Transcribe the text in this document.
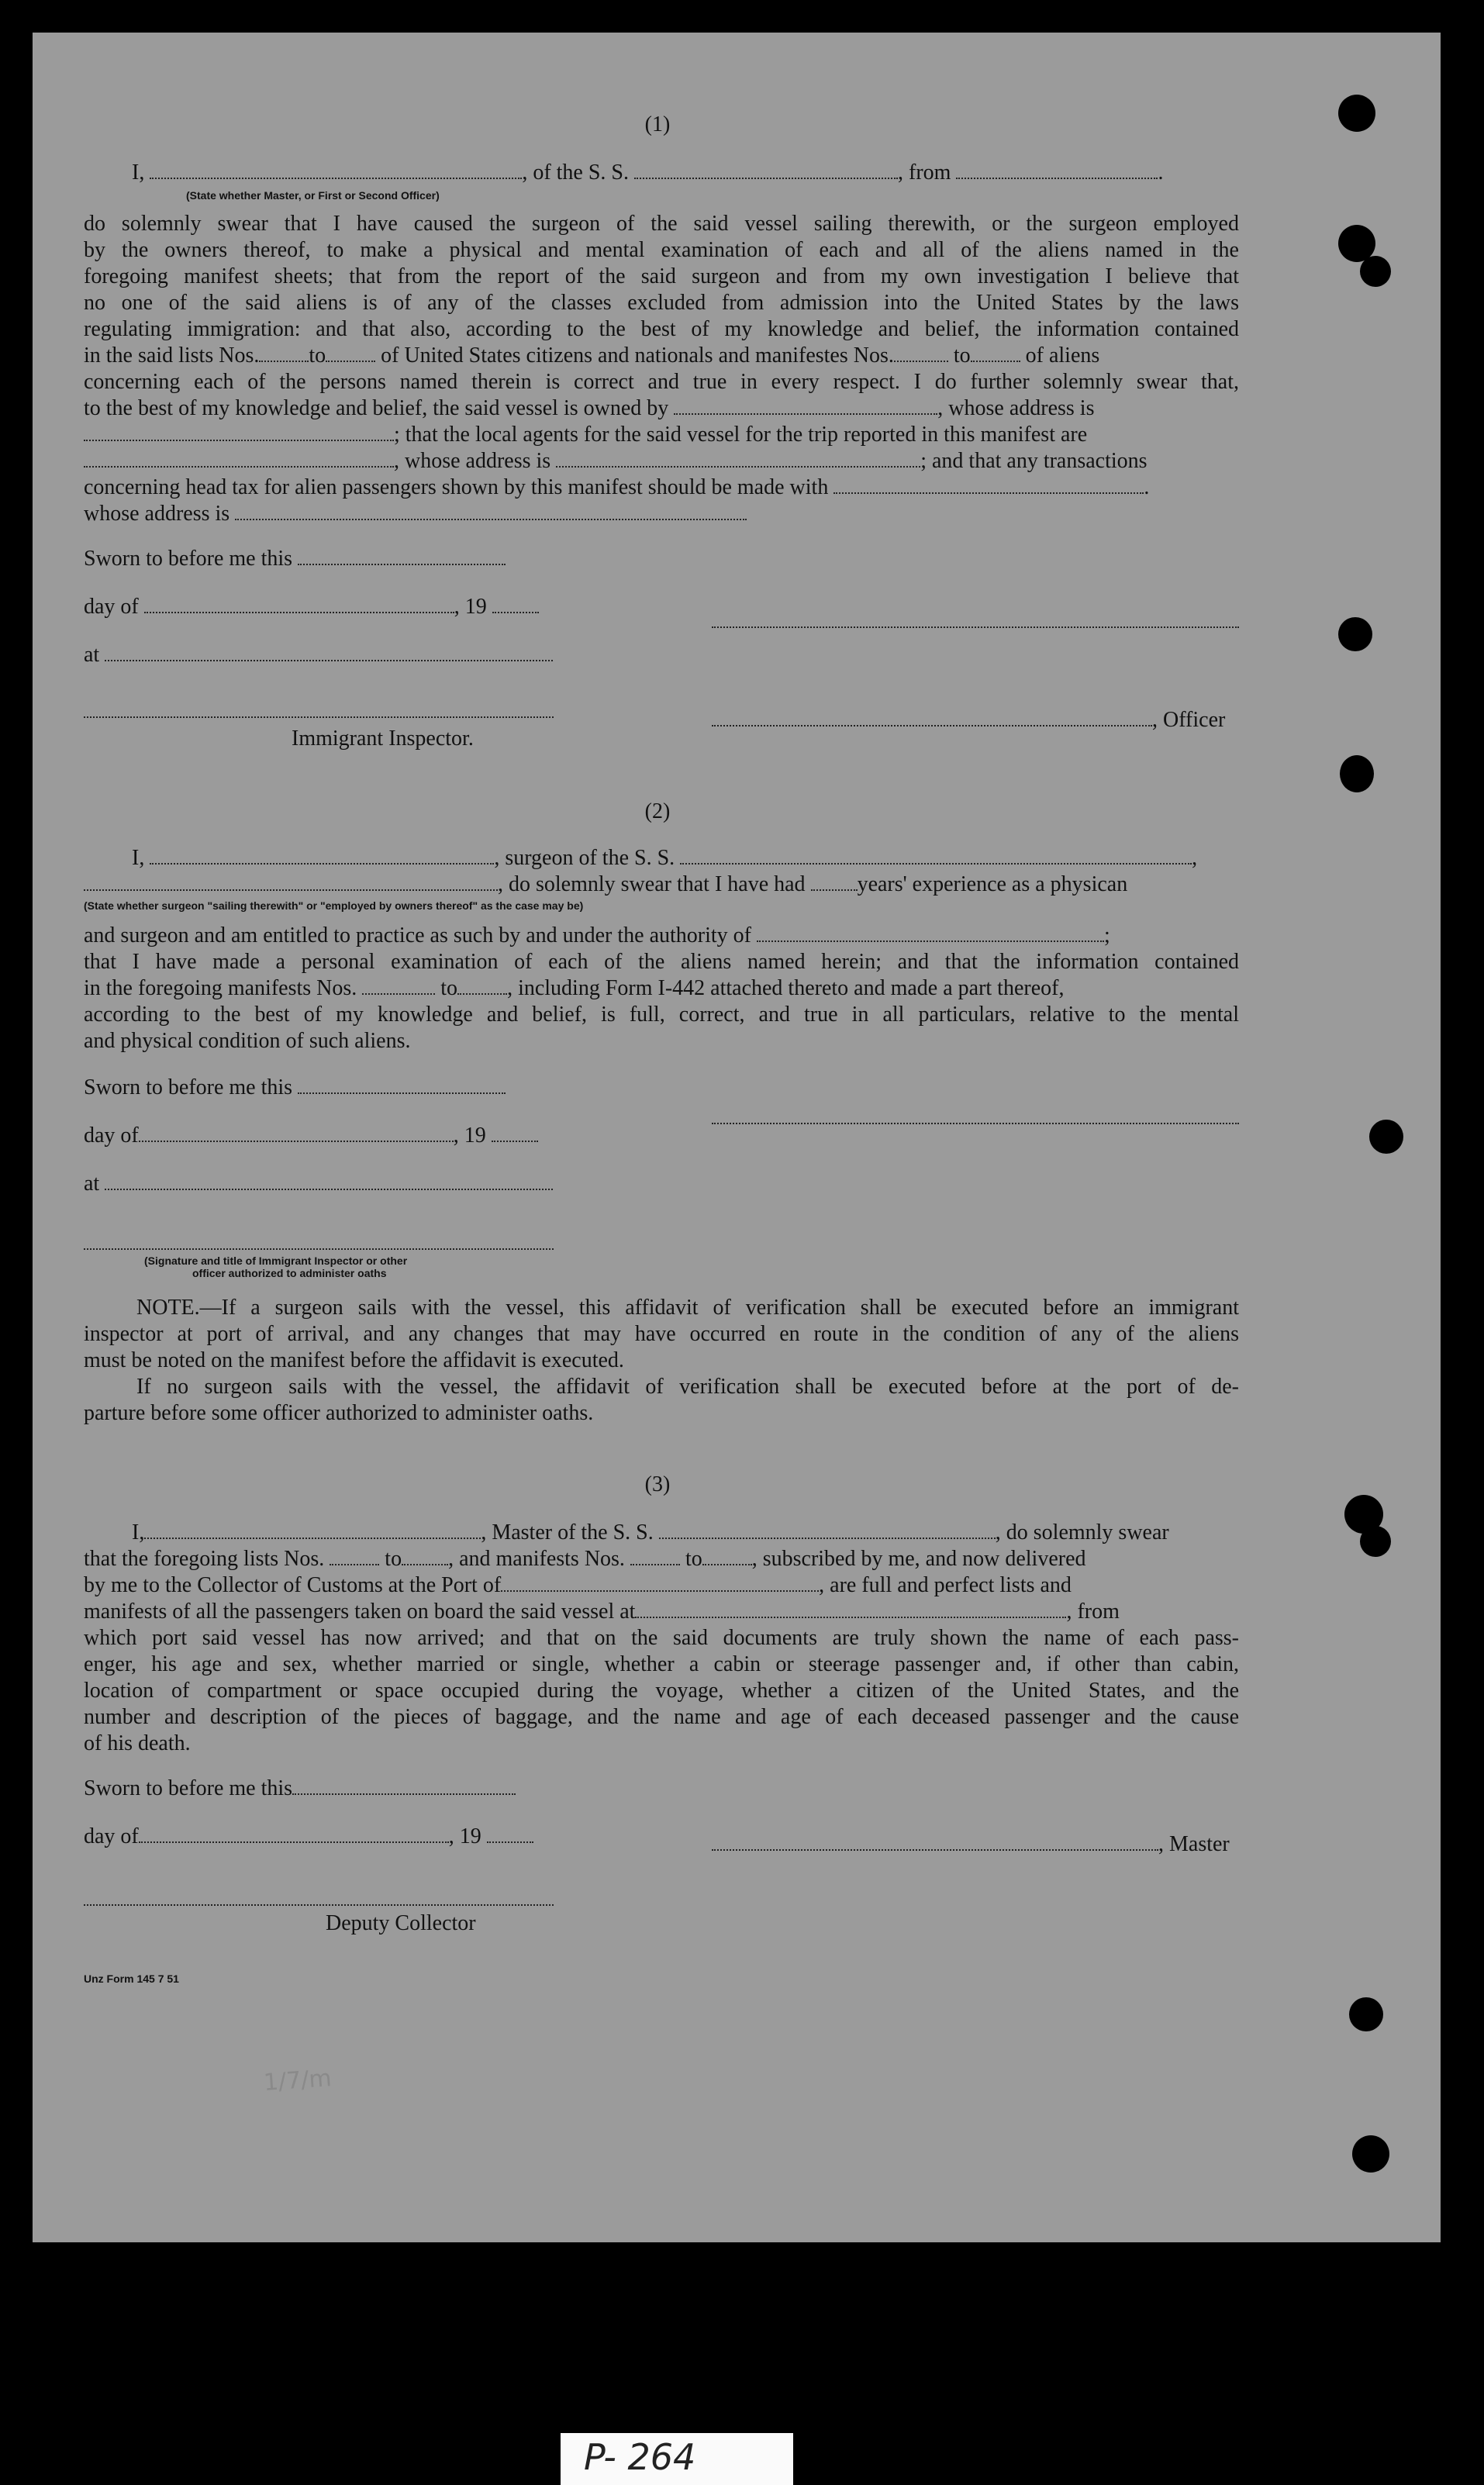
(1)
I,	, of the S. S.	, from	.
(State whether Master, or First or Second Officer)
do solemnly swear that I have caused the surgeon of the said vessel sailing therewith, or the surgeon employed
by the owners thereof, to make a physical and mental examination of each and all of the aliens named in the
foregoing manifest sheets; that from the report of the said surgeon and from my own investigation I believe that
no one of the said aliens is of any of the classes excluded from admission into the United States by the laws
regulating immigration: and that also, according to the best of my knowledge and belief, the information contained
in the said lists Nos. to	of United States citizens and nationals and manifestes Nos.	to	of aliens
concerning each of the persons named therein is correct and true in every respect. I do further solemnly swear that,
to the best of my knowledge and belief, the said vessel is owned by	, whose address is
; that the local agents for the said vessel for the trip reported in this manifest are
, whose address is	; and that any transactions
concerning head tax for alien passengers shown by this manifest should be made with	.
whose address is
Sworn to before me this
day of	, 19
at
, Officer
Immigrant Inspector.
(2)
I,	, surgeon of the S. S.	,
, do solemnly swear that I have had years' experience as a physican
(State whether surgeon "sailing therewith" or "employed by owners thereof" as the case may be)
and surgeon and am entitled to practice as such by and under the authority of	;
that I have made a personal examination of each of the aliens named herein; and that the information contained
in the foregoing manifests Nos.	to , including Form I-442 attached thereto and made a part thereof,
according to the best of my knowledge and belief, is full, correct, and true in all particulars, relative to the mental
and physical condition of such aliens.
Sworn to before me this
day of	, 19
at
(Signature and title of Immigrant Inspector or other
officer authorized to administer oaths
NOTE.—If a surgeon sails with the vessel, this affidavit of verification shall be executed before an immigrant
inspector at port of arrival, and any changes that may have occurred en route in the condition of any of the aliens
must be noted on the manifest before the affidavit is executed.
If no surgeon sails with the vessel, the affidavit of verification shall be executed before at the port of de-
parture before some officer authorized to administer oaths.
(3)
I,	, Master of the S. S.	, do solemnly swear
that the foregoing lists Nos.	to , and manifests Nos.	to , subscribed by me, and now delivered
by me to the Collector of Customs at the Port of	, are full and perfect lists and
manifests of all the passengers taken on board the said vessel at	, from
which port said vessel has now arrived; and that on the said documents are truly shown the name of each pass-
enger, his age and sex, whether married or single, whether a cabin or steerage passenger and, if other than cabin,
location of compartment or space occupied during the voyage, whether a citizen of the United States, and the
number and description of the pieces of baggage, and the name and age of each deceased passenger and the cause
of his death.
Sworn to before me this
day of	, 19	, Master
Deputy Collector
Unz Form 145 7 51
1/7/m
P- 264
